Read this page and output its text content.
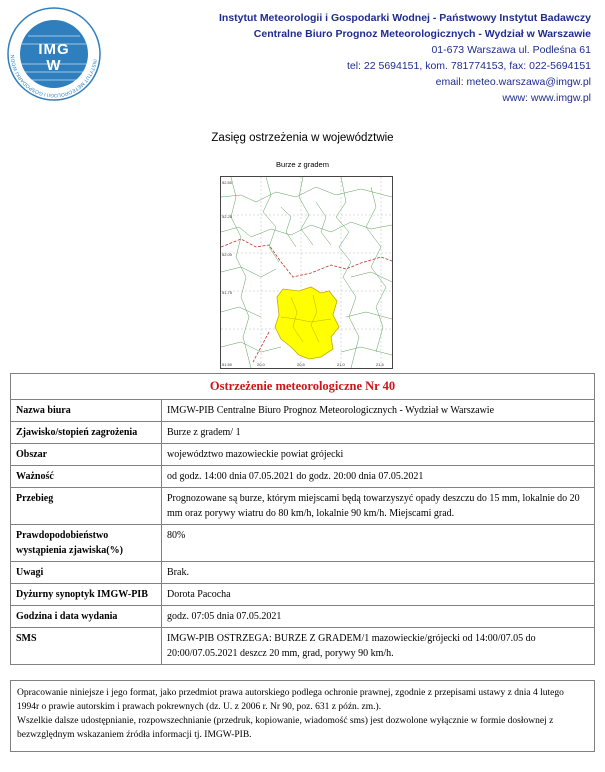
IMG
W	INSTYTUT METEOROLOGII I GOSPODARKI WODN
Instytut Meteorologii i Gospodarki Wodnej - Państwowy Instytut Badawczy
Centralne Biuro Prognoz Meteorologicznych - Wydział w Warszawie
01-673 Warszawa ul. Podleśna 61
tel: 22 5694151, kom. 781774153, fax: 022-5694151
email: meteo.warszawa@imgw.pl
www: www.imgw.pl
Zasięg ostrzeżenia w województwie
Burze z gradem
52.50
52.25
52.00
51.75
51.50	20.0	20.5	21.0	21.5
Ostrzeżenie meteorologiczne Nr 40	
Nazwa biura	IMGW-PIB Centralne Biuro Prognoz Meteorologicznych - Wydział w Warszawie
Zjawisko/stopień zagrożenia	Burze z gradem/ 1
Obszar	województwo mazowieckie powiat grójecki
Ważność	od godz. 14:00 dnia 07.05.2021 do godz. 20:00 dnia 07.05.2021
Przebieg	Prognozowane są burze, którym miejscami będą towarzyszyć opady deszczu do 15 mm, lokalnie do 20 mm oraz porywy wiatru do 80 km/h, lokalnie 90 km/h. Miejscami grad.
Prawdopodobieństwo wystąpienia zjawiska(%)	80%
Uwagi	Brak.
Dyżurny synoptyk IMGW-PIB	Dorota Pacocha
Godzina i data wydania	godz. 07:05 dnia 07.05.2021
SMS	IMGW-PIB OSTRZEGA: BURZE Z GRADEM/1 mazowieckie/grójecki od 14:00/07.05 do 20:00/07.05.2021 deszcz 20 mm, grad, porywy 90 km/h.

Opracowanie niniejsze i jego format, jako przedmiot prawa autorskiego podlega ochronie prawnej, zgodnie z przepisami ustawy z dnia 4 lutego 1994r o prawie autorskim i prawach pokrewnych (dz. U. z 2006 r. Nr 90, poz. 631 z późn. zm.).

Wszelkie dalsze udostępnianie, rozpowszechnianie (przedruk, kopiowanie, wiadomość sms) jest dozwolone wyłącznie w formie dosłownej z bezwzględnym wskazaniem źródła informacji tj. IMGW-PIB.
